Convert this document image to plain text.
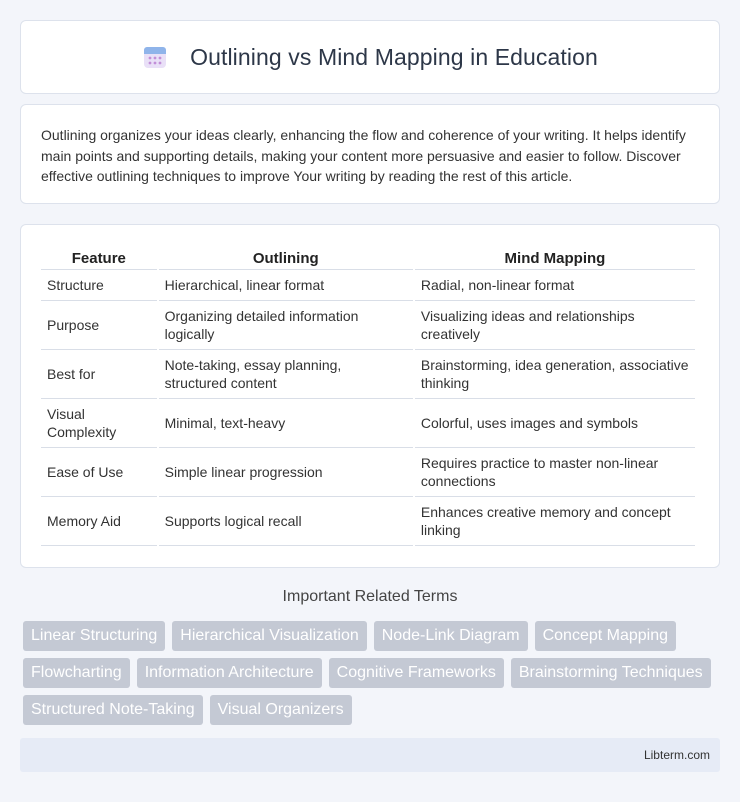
Outlining vs Mind Mapping in Education

Outlining organizes your ideas clearly, enhancing the flow and coherence of your writing. It helps identify main points and supporting details, making your content more persuasive and easier to follow. Discover effective outlining techniques to improve Your writing by reading the rest of this article.

Feature	Outlining	Mind Mapping
Structure	Hierarchical, linear format	Radial, non-linear format
Purpose	Organizing detailed information logically	Visualizing ideas and relationships creatively
Best for	Note-taking, essay planning, structured content	Brainstorming, idea generation, associative thinking
Visual Complexity	Minimal, text-heavy	Colorful, uses images and symbols
Ease of Use	Simple linear progression	Requires practice to master non-linear connections
Memory Aid	Supports logical recall	Enhances creative memory and concept linking
Important Related Terms
Linear Structuring	Hierarchical Visualization	Node-Link Diagram	Concept Mapping
Flowcharting	Information Architecture	Cognitive Frameworks	Brainstorming Techniques
Structured Note-Taking	Visual Organizers
Libterm.com
